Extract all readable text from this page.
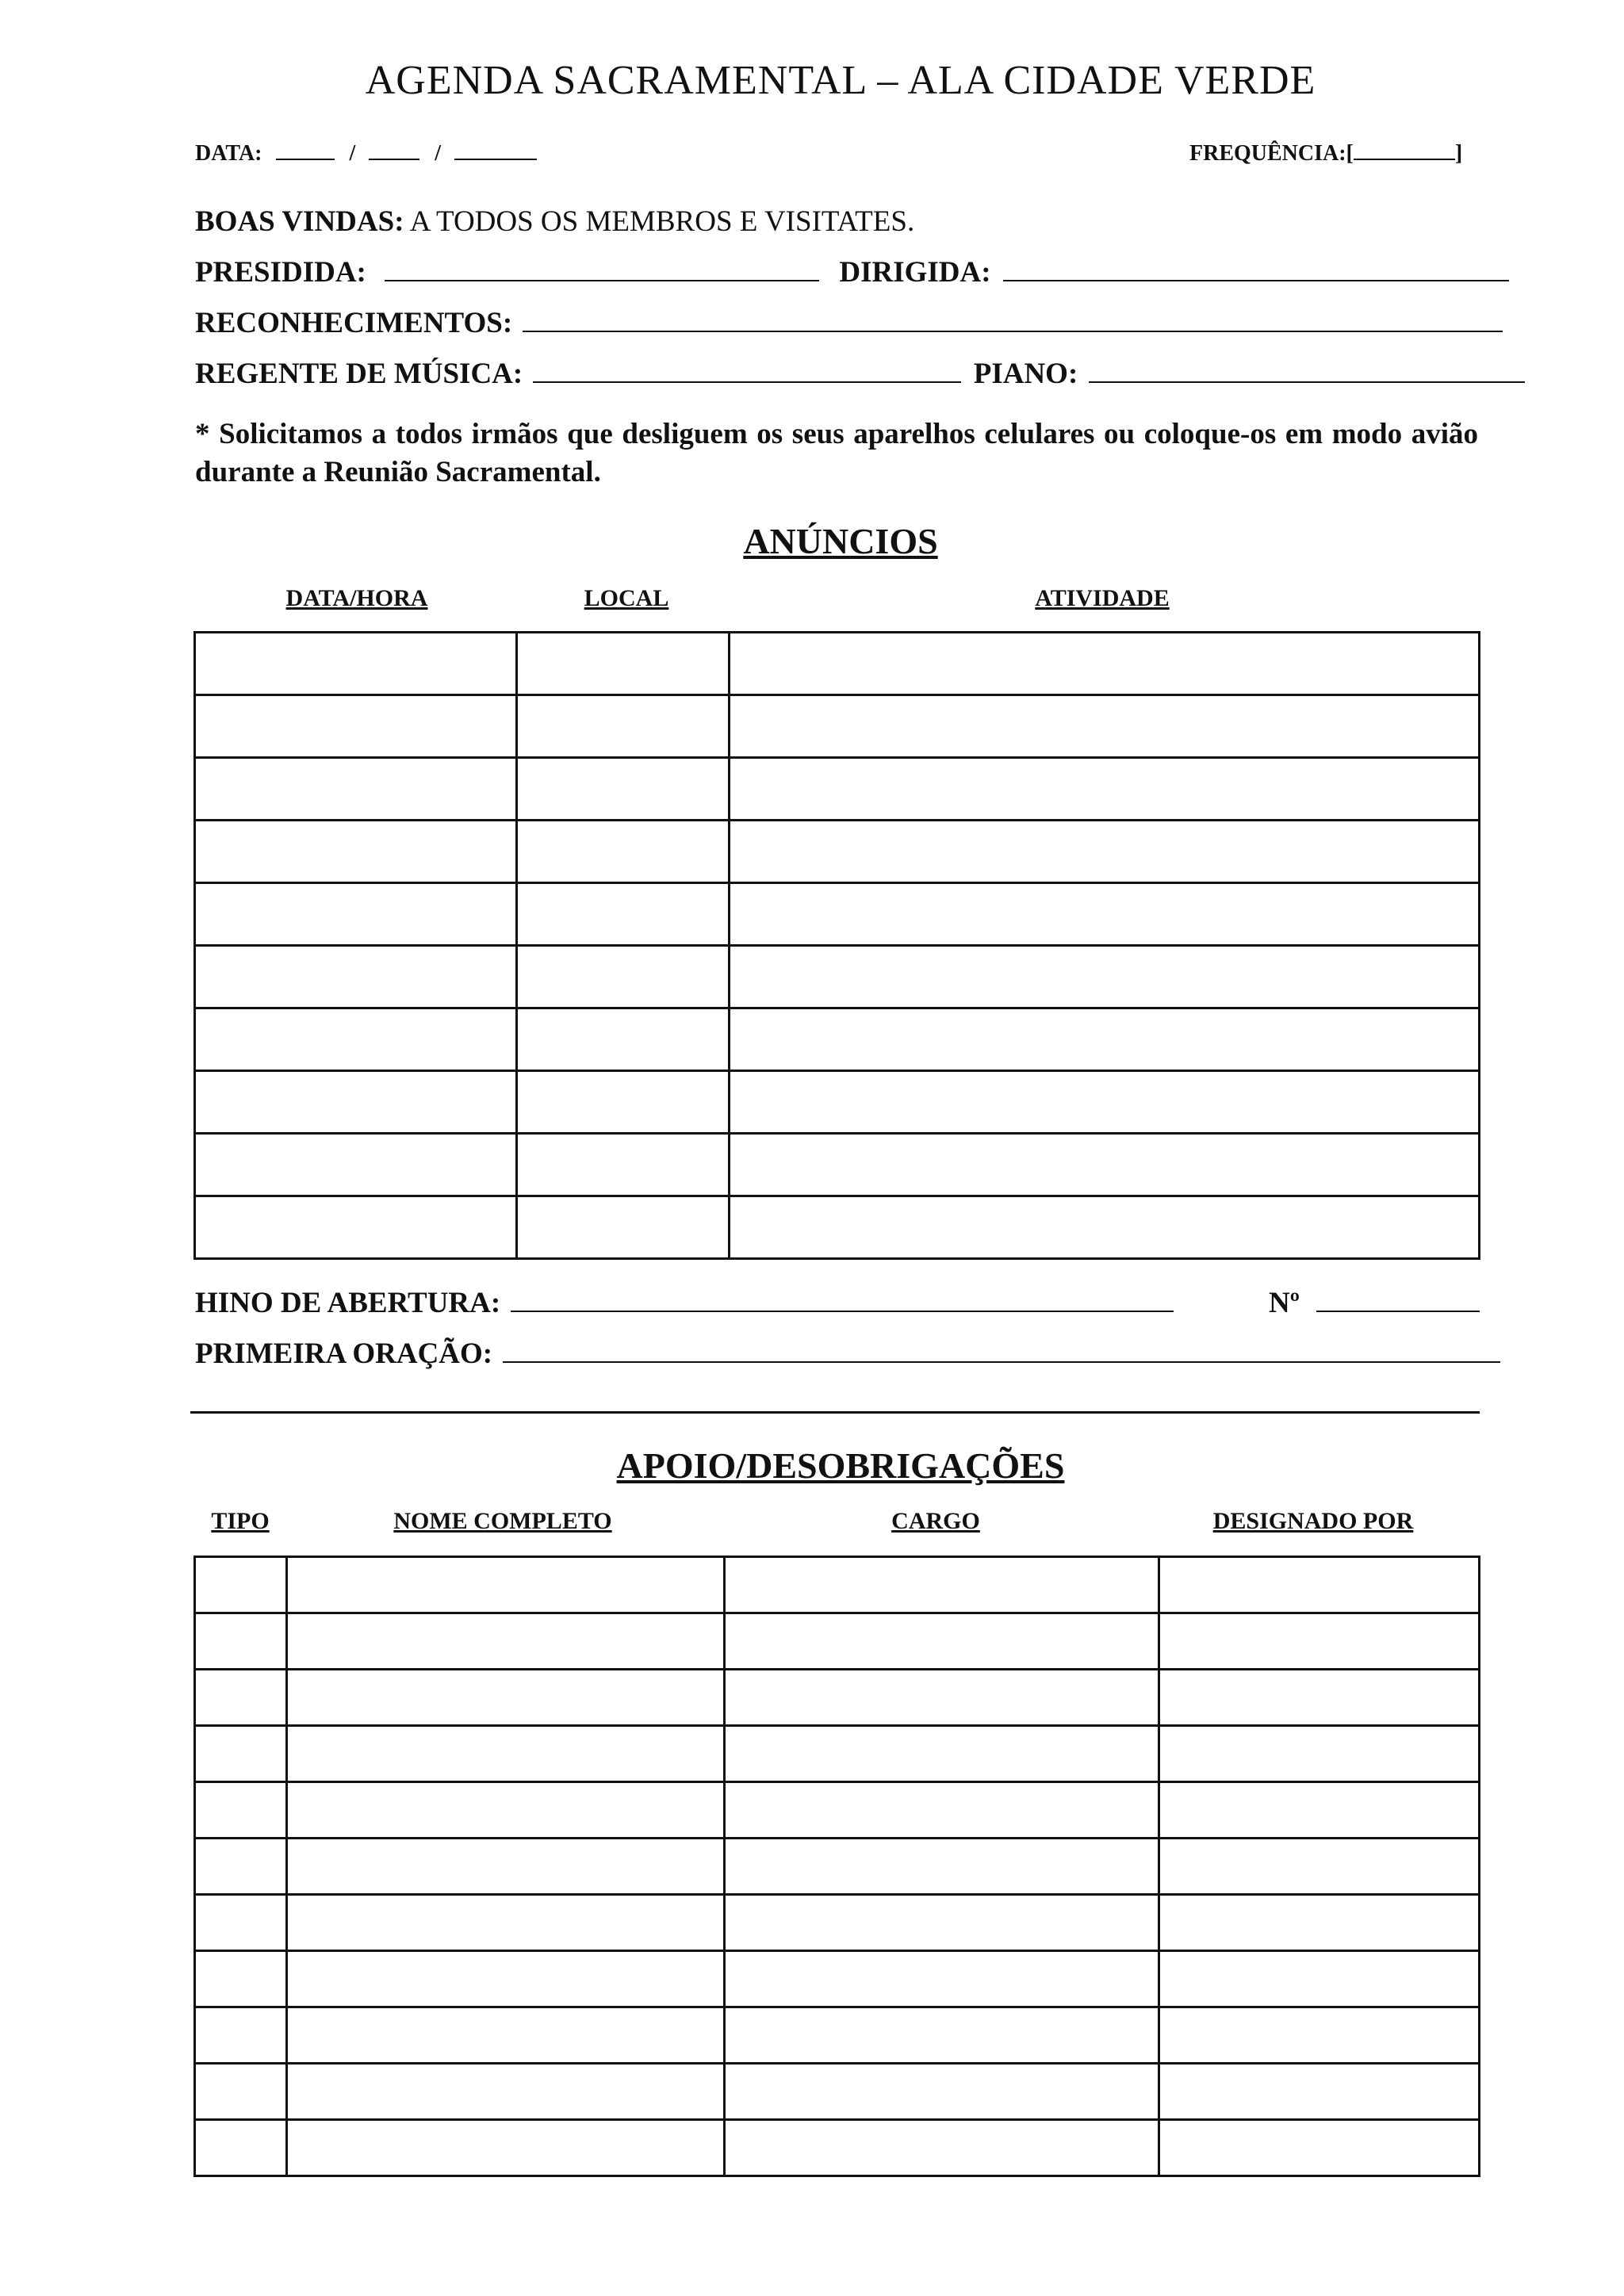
AGENDA SACRAMENTAL – ALA CIDADE VERDE
DATA:	/	/	FREQUÊNCIA:[	]
BOAS VINDAS: A TODOS OS MEMBROS E VISITATES.
PRESIDIDA:	DIRIGIDA:
RECONHECIMENTOS:
REGENTE DE MÚSICA:	PIANO:
* Solicitamos a todos irmãos que desliguem os seus aparelhos celulares ou coloque-os em modo avião durante a Reunião Sacramental.
ANÚNCIOS
DATA/HORA	LOCAL	ATIVIDADE

HINO DE ABERTURA:	Nº
PRIMEIRA ORAÇÃO:
APOIO/DESOBRIGAÇÕES
TIPO	NOME COMPLETO	CARGO	DESIGNADO POR
